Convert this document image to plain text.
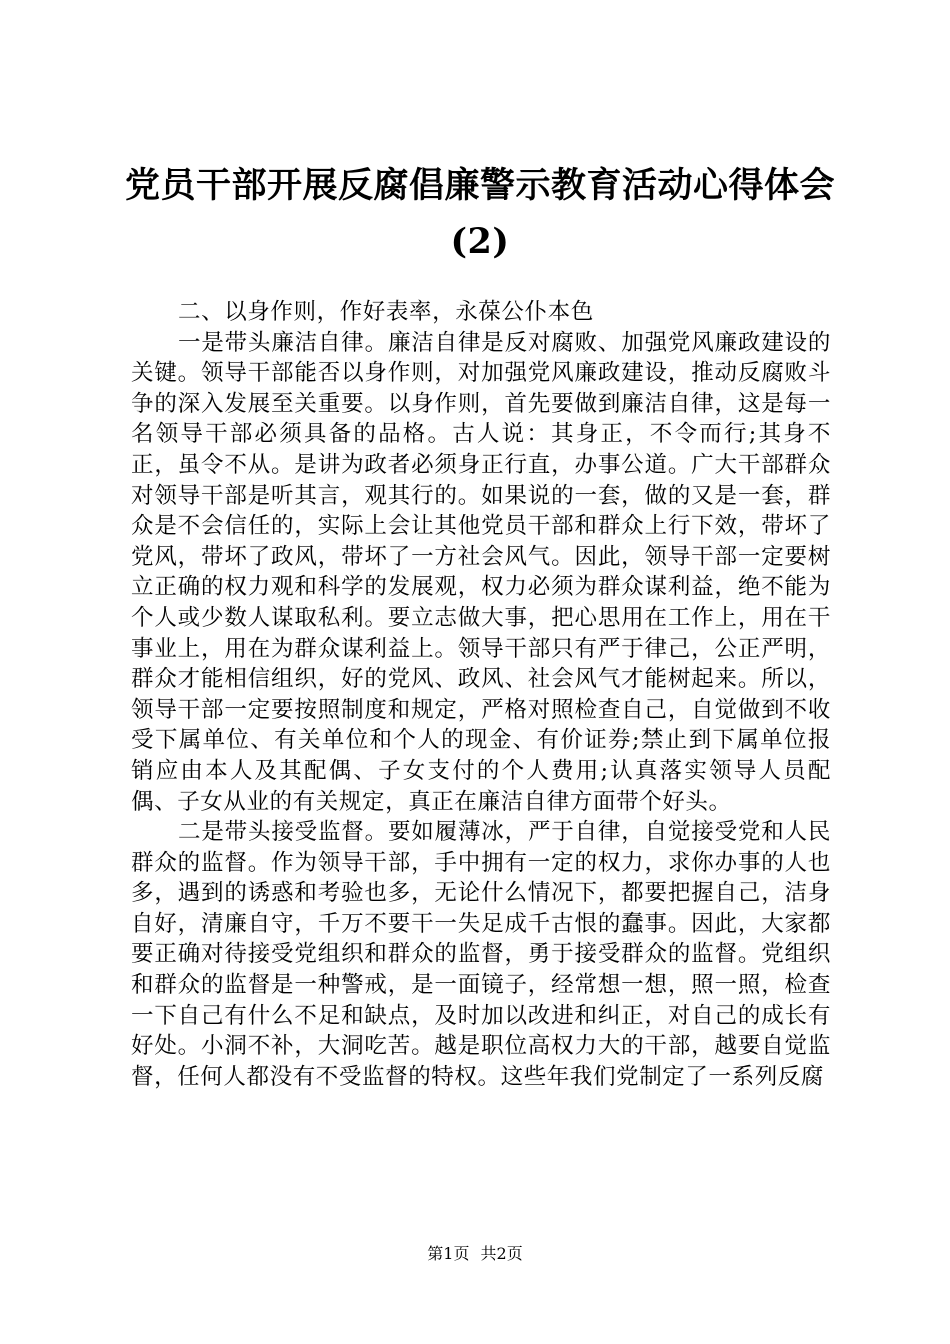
党员干部开展反腐倡廉警示教育活动心得体会
(2)

二、以身作则，作好表率，永葆公仆本色

一是带头廉洁自律。廉洁自律是反对腐败、加强党风廉政建设的关键。领导干部能否以身作则，对加强党风廉政建设，推动反腐败斗争的深入发展至关重要。以身作则，首先要做到廉洁自律，这是每一名领导干部必须具备的品格。古人说：其身正，不令而行;其身不正，虽令不从。是讲为政者必须身正行直，办事公道。广大干部群众对领导干部是听其言，观其行的。如果说的一套，做的又是一套，群众是不会信任的，实际上会让其他党员干部和群众上行下效，带坏了党风，带坏了政风，带坏了一方社会风气。因此，领导干部一定要树立正确的权力观和科学的发展观，权力必须为群众谋利益，绝不能为个人或少数人谋取私利。要立志做大事，把心思用在工作上，用在干事业上，用在为群众谋利益上。领导干部只有严于律己，公正严明，群众才能相信组织，好的党风、政风、社会风气才能树起来。所以，领导干部一定要按照制度和规定，严格对照检查自己，自觉做到不收受下属单位、有关单位和个人的现金、有价证券;禁止到下属单位报销应由本人及其配偶、子女支付的个人费用;认真落实领导人员配偶、子女从业的有关规定，真正在廉洁自律方面带个好头。

二是带头接受监督。要如履薄冰，严于自律，自觉接受党和人民群众的监督。作为领导干部，手中拥有一定的权力，求你办事的人也多，遇到的诱惑和考验也多，无论什么情况下，都要把握自己，洁身自好，清廉自守，千万不要干一失足成千古恨的蠢事。因此，大家都要正确对待接受党组织和群众的监督，勇于接受群众的监督。党组织和群众的监督是一种警戒，是一面镜子，经常想一想，照一照，检查一下自己有什么不足和缺点，及时加以改进和纠正，对自己的成长有好处。小洞不补，大洞吃苦。越是职位高权力大的干部，越要自觉监督，任何人都没有不受监督的特权。这些年我们党制定了一系列反腐

第1页 共2页
